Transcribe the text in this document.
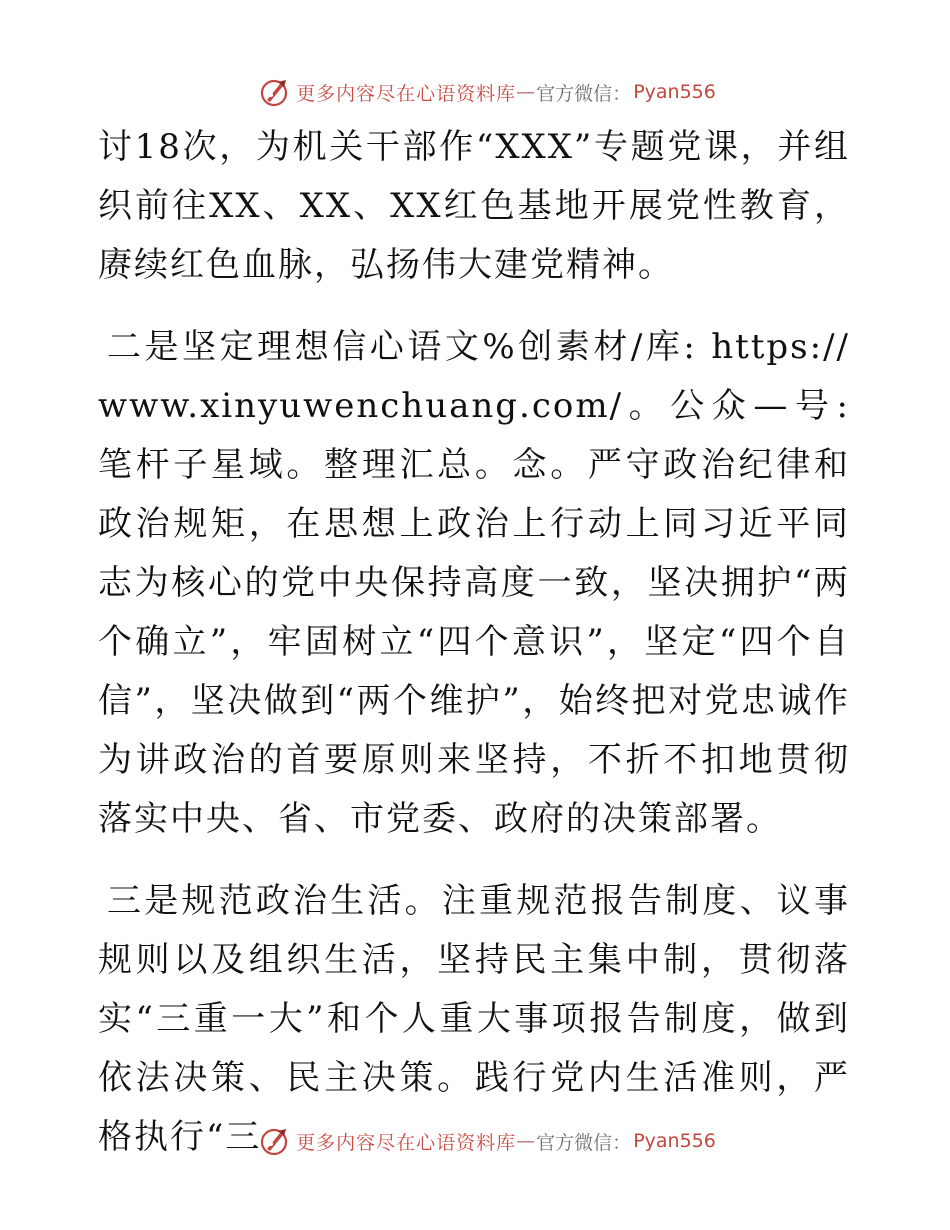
更多内容尽在心语资料库 — 官方微信： Pyan556

讨18次，为机关干部作“XXX”专题党课，并组织前往XX、XX、XX红色基地开展党性教育，赓续红色血脉，弘扬伟大建党精神。

二是坚定理想信心语文%创素材/库: https://www.xinyuwenchuang.com/。公众—号: 笔杆子星域。整理汇总。念。严守政治纪律和政治规矩，在思想上政治上行动上同习近平同志为核心的党中央保持高度一致，坚决拥护“两个确立”，牢固树立“四个意识”，坚定“四个自信”，坚决做到“两个维护”，始终把对党忠诚作为讲政治的首要原则来坚持，不折不扣地贯彻落实中央、省、市党委、政府的决策部署。

三是规范政治生活。注重规范报告制度、议事规则以及组织生活，坚持民主集中制，贯彻落实“三重一大”和个人重大事项报告制度，做到依法决策、民主决策。践行党内生活准则，严格执行“三	更多内容尽在心语资料库 — 官方微信： Pyan556
